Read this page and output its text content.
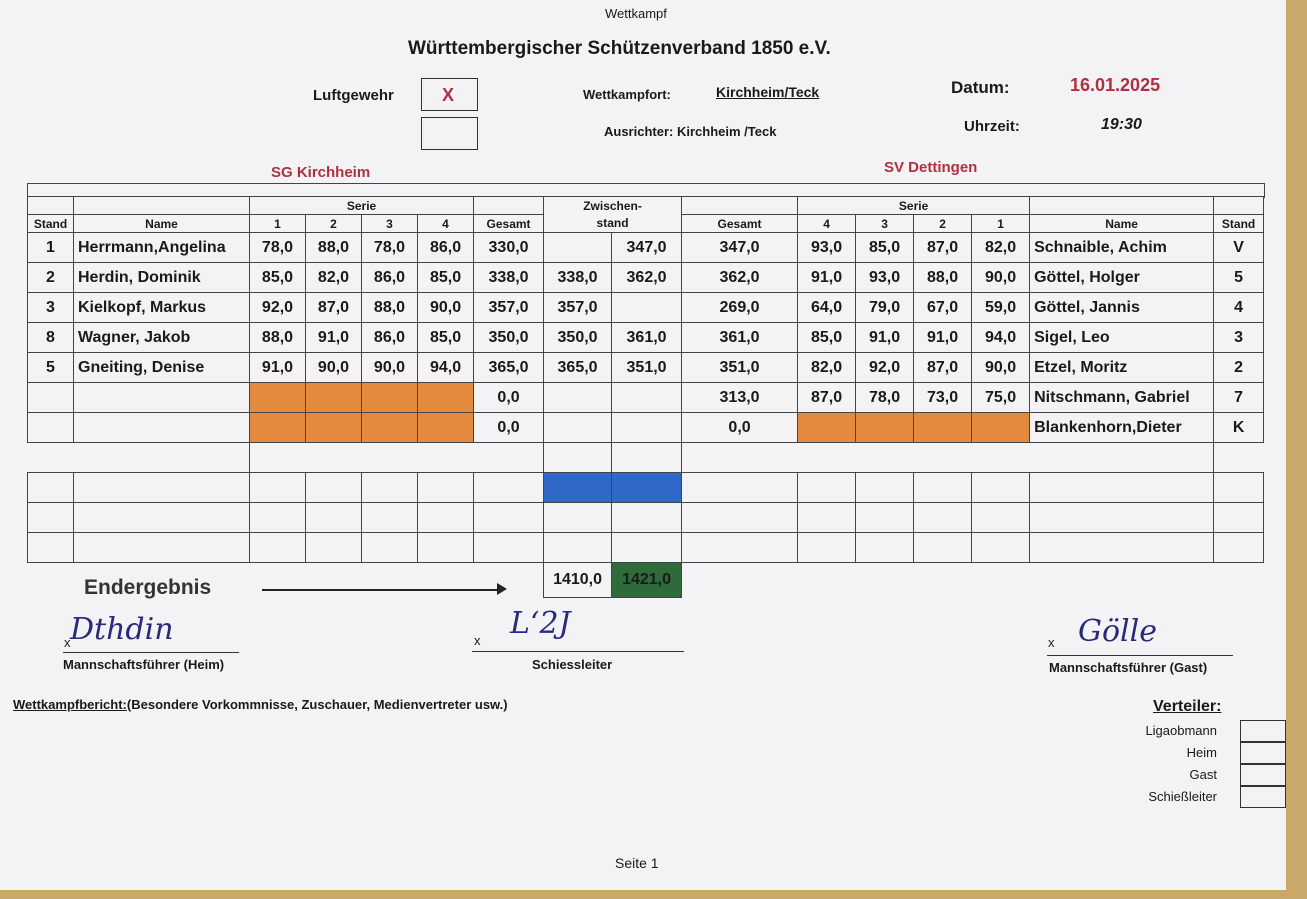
Wettkampf
Württembergischer Schützenverband 1850 e.V.
Luftgewehr	X	Wettkampfort:	Kirchheim/Teck
Ausrichter: Kirchheim /Teck
Datum:	16.01.2025
Uhrzeit:	19:30
SG Kirchheim	SV Dettingen
		Serie					Zwischen-			Serie					
Stand	Name	1	2	3	4	Gesamt	stand		Gesamt	4	3	2	1	Name	Stand
1	Herrmann,Angelina	78,0	88,0	78,0	86,0	330,0		347,0	347,0	93,0	85,0	87,0	82,0	Schnaible, Achim	V
2	Herdin, Dominik	85,0	82,0	86,0	85,0	338,0	338,0	362,0	362,0	91,0	93,0	88,0	90,0	Göttel, Holger	5
3	Kielkopf, Markus	92,0	87,0	88,0	90,0	357,0	357,0		269,0	64,0	79,0	67,0	59,0	Göttel, Jannis	4
8	Wagner, Jakob	88,0	91,0	86,0	85,0	350,0	350,0	361,0	361,0	85,0	91,0	91,0	94,0	Sigel, Leo	3
5	Gneiting, Denise	91,0	90,0	90,0	94,0	365,0	365,0	351,0	351,0	82,0	92,0	87,0	90,0	Etzel, Moritz	2
						0,0			313,0	87,0	78,0	73,0	75,0	Nitschmann, Gabriel	7
						0,0			0,0					Blankenhorn,Dieter	K

							1410,0	1421,0							
Endergebnis
Dthdin
x
Mannschaftsführer (Heim)
Lʻ2J
x
Schiessleiter
Gölle
x
Mannschaftsführer (Gast)
Wettkampfbericht:(Besondere Vorkommnisse, Zuschauer, Medienvertreter usw.)	Verteiler:
Ligaobmann
Heim
Gast
Schießleiter
Seite 1
